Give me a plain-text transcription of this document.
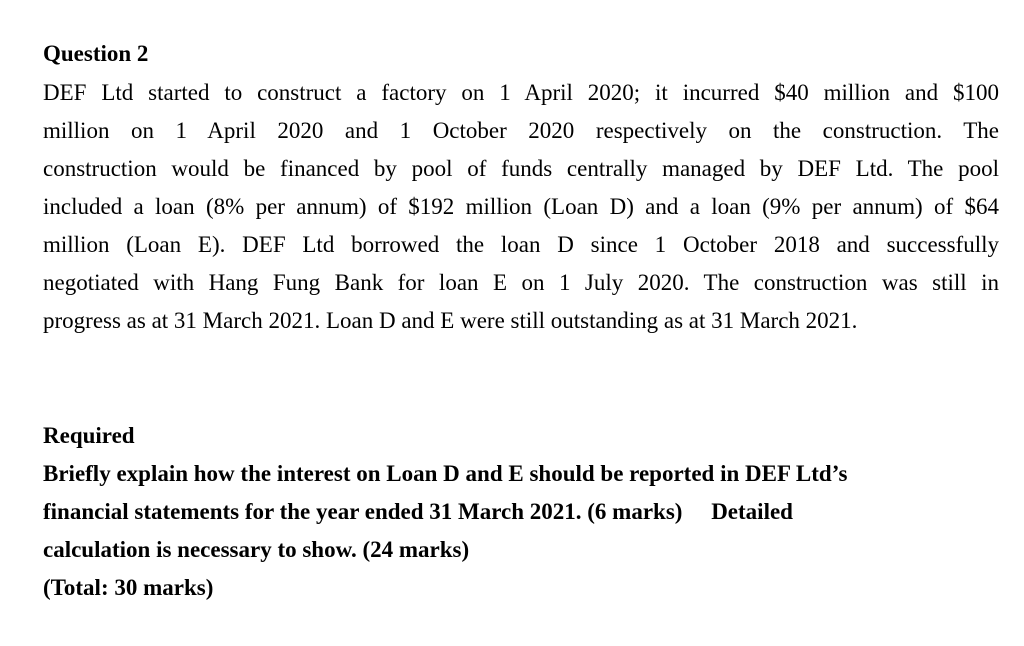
Question 2
DEF Ltd started to construct a factory on 1 April 2020; it incurred $40 million and $100
million on 1 April 2020 and 1 October 2020 respectively on the construction. The
construction would be financed by pool of funds centrally managed by DEF Ltd. The pool
included a loan (8% per annum) of $192 million (Loan D) and a loan (9% per annum) of $64
million (Loan E). DEF Ltd borrowed the loan D since 1 October 2018 and successfully
negotiated with Hang Fung Bank for loan E on 1 July 2020. The construction was still in
progress as at 31 March 2021. Loan D and E were still outstanding as at 31 March 2021.
Required
Briefly explain how the interest on Loan D and E should be reported in DEF Ltd’s
financial statements for the year ended 31 March 2021. (6 marks)     Detailed
calculation is necessary to show. (24 marks)
(Total: 30 marks)
